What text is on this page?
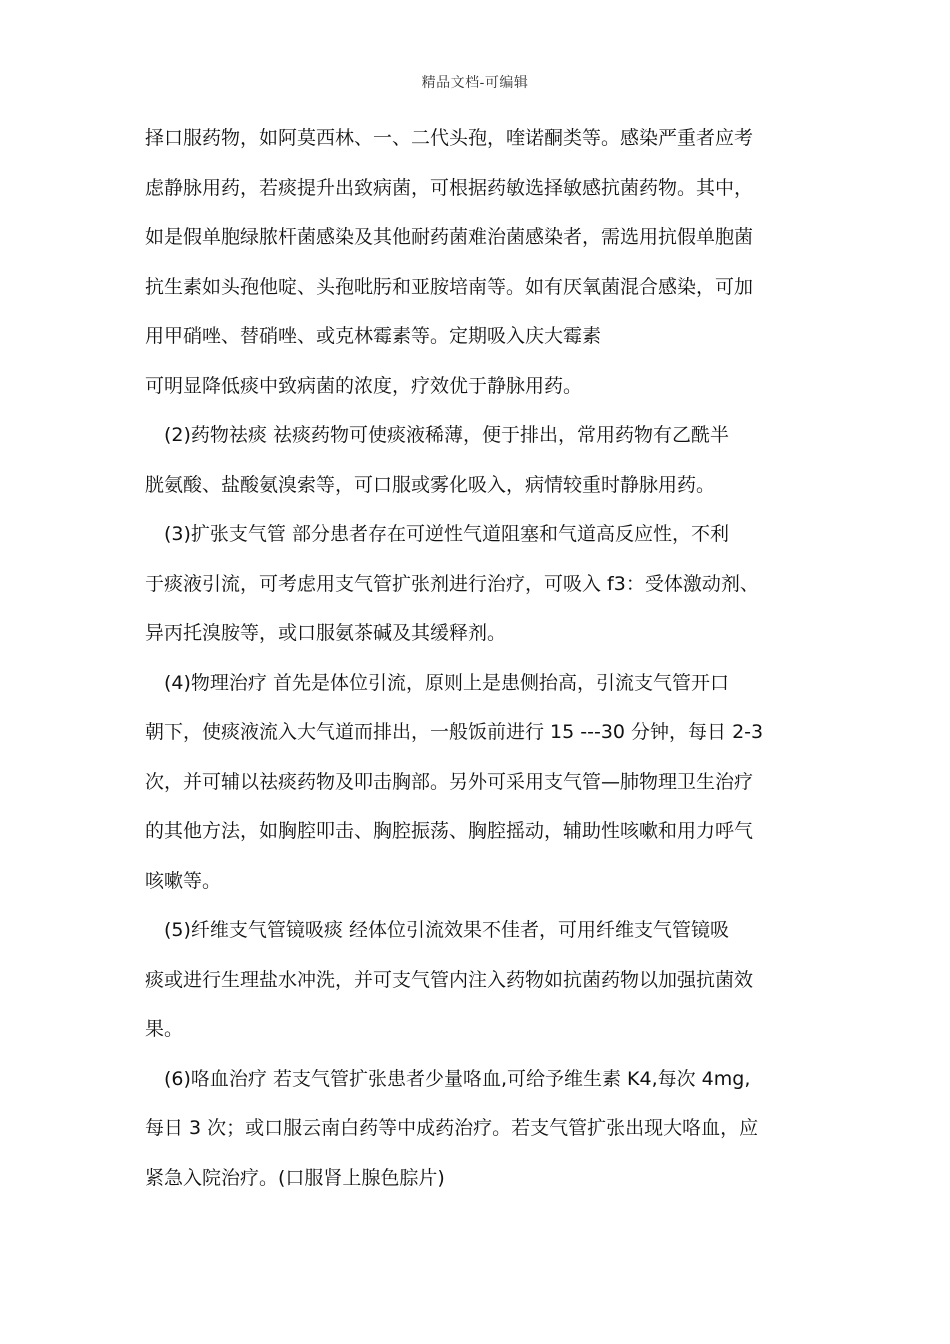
精品文档-可编辑
择口服药物，如阿莫西林、一、二代头孢，喹诺酮类等。感染严重者应考
虑静脉用药，若痰提升出致病菌，可根据药敏选择敏感抗菌药物。其中，
如是假单胞绿脓杆菌感染及其他耐药菌难治菌感染者，需选用抗假单胞菌
抗生素如头孢他啶、头孢吡肟和亚胺培南等。如有厌氧菌混合感染，可加
用甲硝唑、替硝唑、或克林霉素等。定期吸入庆大霉素
可明显降低痰中致病菌的浓度，疗效优于静脉用药。
(2)药物祛痰 祛痰药物可使痰液稀薄，便于排出，常用药物有乙酰半
胱氨酸、盐酸氨溴索等，可口服或雾化吸入，病情较重时静脉用药。
(3)扩张支气管 部分患者存在可逆性气道阻塞和气道高反应性，不利
于痰液引流，可考虑用支气管扩张剂进行治疗，可吸入 f3：受体激动剂、
异丙托溴胺等，或口服氨茶碱及其缓释剂。
(4)物理治疗 首先是体位引流，原则上是患侧抬高，引流支气管开口
朝下，使痰液流入大气道而排出，一般饭前进行 15 ---30 分钟，每日 2-3
次，并可辅以祛痰药物及叩击胸部。另外可采用支气管—肺物理卫生治疗
的其他方法，如胸腔叩击、胸腔振荡、胸腔摇动，辅助性咳嗽和用力呼气
咳嗽等。
(5)纤维支气管镜吸痰 经体位引流效果不佳者，可用纤维支气管镜吸
痰或进行生理盐水冲洗，并可支气管内注入药物如抗菌药物以加强抗菌效
果。
(6)咯血治疗 若支气管扩张患者少量咯血,可给予维生素 K4,每次 4mg,
每日 3 次；或口服云南白药等中成药治疗。若支气管扩张出现大咯血，应
紧急入院治疗。(口服肾上腺色腙片)
